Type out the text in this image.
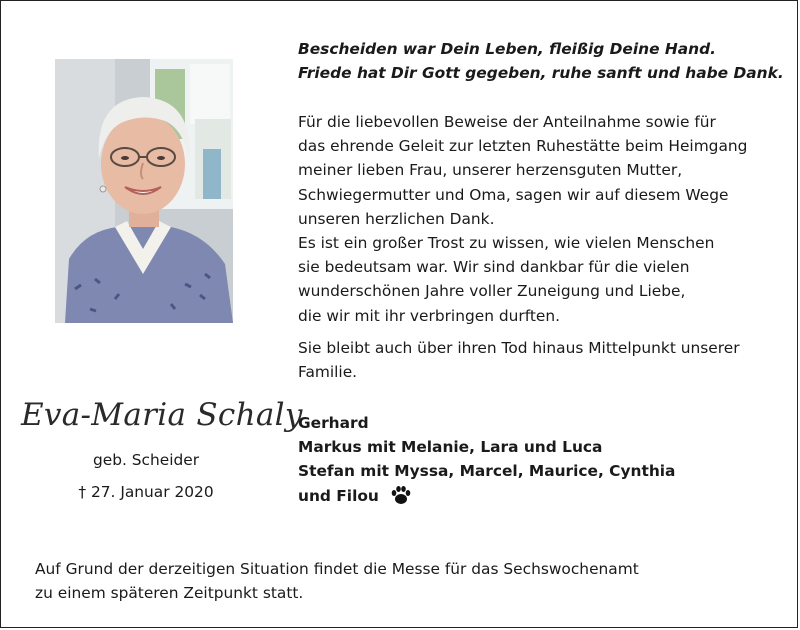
Bescheiden war Dein Leben, fleißig Deine Hand.
Friede hat Dir Gott gegeben, ruhe sanft und habe Dank.
Für die liebevollen Beweise der Anteilnahme sowie für
das ehrende Geleit zur letzten Ruhestätte beim Heimgang
meiner lieben Frau, unserer herzensguten Mutter,
Schwiegermutter und Oma, sagen wir auf diesem Wege
unseren herzlichen Dank.
Es ist ein großer Trost zu wissen, wie vielen Menschen
sie bedeutsam war. Wir sind dankbar für die vielen
wunderschönen Jahre voller Zuneigung und Liebe,
die wir mit ihr verbringen durften.
Sie bleibt auch über ihren Tod hinaus Mittelpunkt unserer
Familie.
Gerhard
Markus mit Melanie, Lara und Luca
Stefan mit Myssa, Marcel, Maurice, Cynthia
und Filou
Eva-Maria Schaly
geb. Scheider
† 27. Januar 2020
Auf Grund der derzeitigen Situation findet die Messe für das Sechswochenamt
zu einem späteren Zeitpunkt statt.
